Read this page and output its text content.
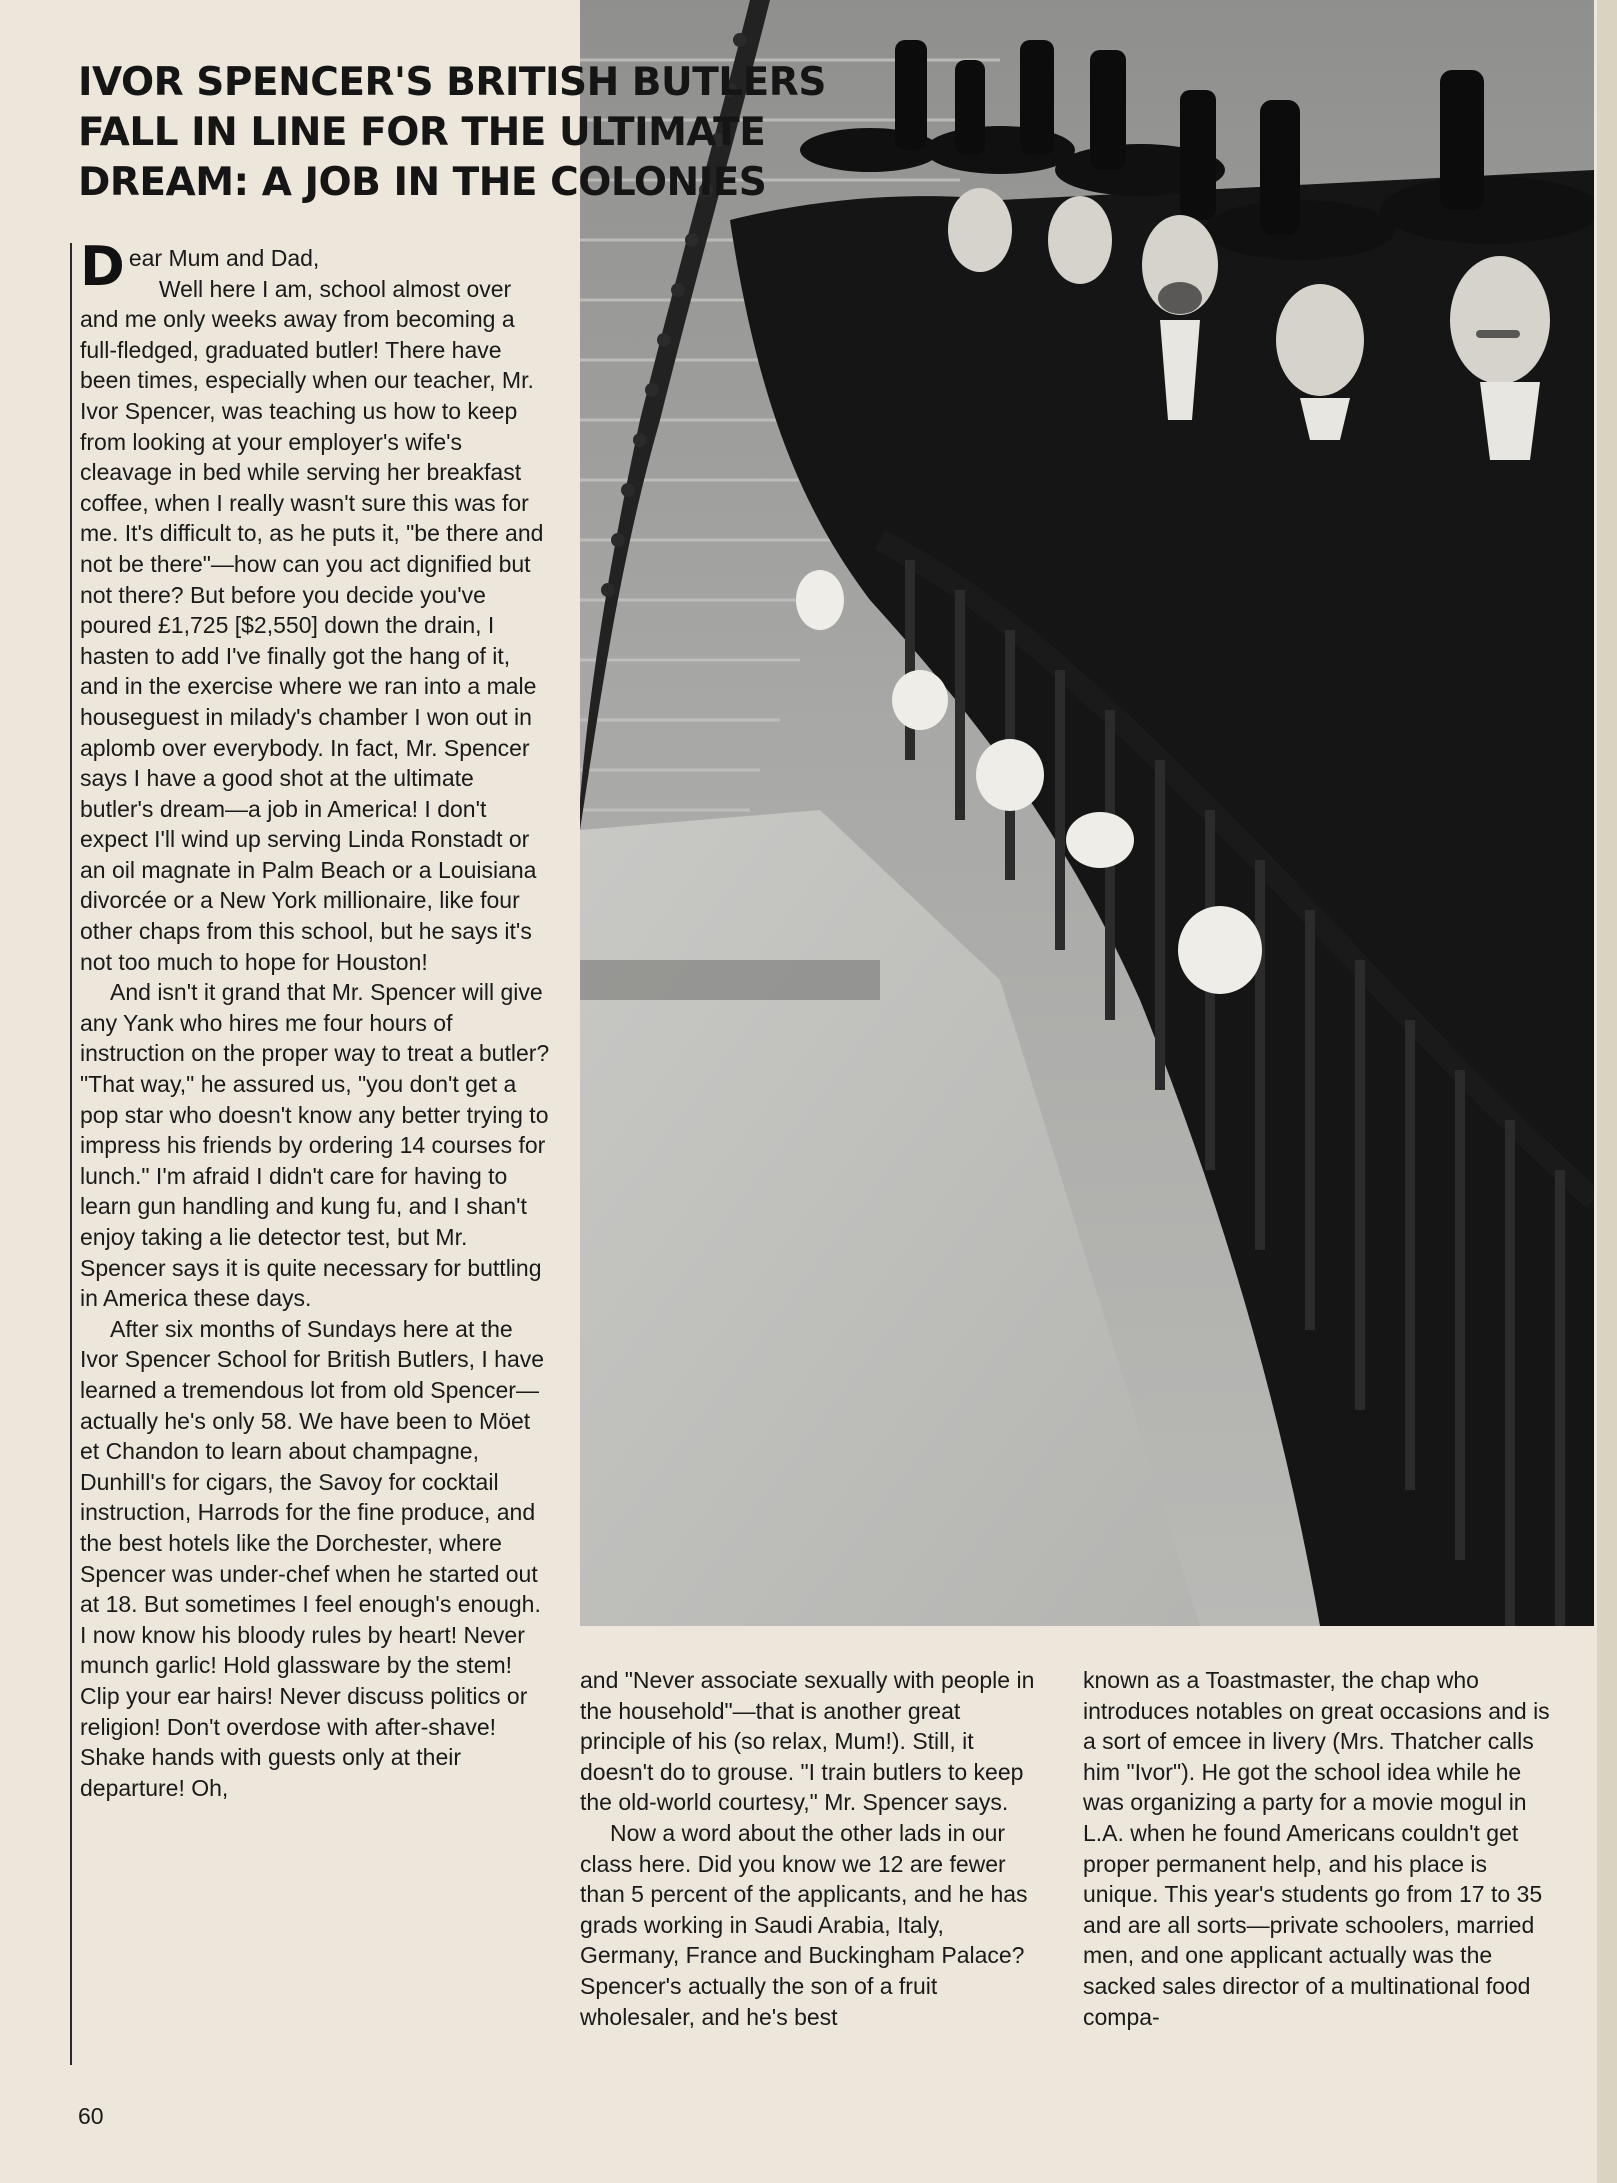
IVOR SPENCER'S BRITISH BUTLERS
FALL IN LINE FOR THE ULTIMATE
DREAM: A JOB IN THE COLONIES

Dear Mum and Dad,

Well here I am, school almost over and me only weeks away from becoming a full-fledged, graduated butler! There have been times, especially when our teacher, Mr. Ivor Spencer, was teaching us how to keep from looking at your employer's wife's cleavage in bed while serving her breakfast coffee, when I really wasn't sure this was for me. It's difficult to, as he puts it, "be there and not be there"—how can you act dignified but not there? But before you decide you've poured £1,725 [$2,550] down the drain, I hasten to add I've finally got the hang of it, and in the exercise where we ran into a male houseguest in milady's chamber I won out in aplomb over everybody. In fact, Mr. Spencer says I have a good shot at the ultimate butler's dream—a job in America! I don't expect I'll wind up serving Linda Ronstadt or an oil magnate in Palm Beach or a Louisiana divorcée or a New York millionaire, like four other chaps from this school, but he says it's not too much to hope for Houston!

And isn't it grand that Mr. Spencer will give any Yank who hires me four hours of instruction on the proper way to treat a butler? "That way," he assured us, "you don't get a pop star who doesn't know any better trying to impress his friends by ordering 14 courses for lunch." I'm afraid I didn't care for having to learn gun handling and kung fu, and I shan't enjoy taking a lie detector test, but Mr. Spencer says it is quite necessary for buttling in America these days.

After six months of Sundays here at the Ivor Spencer School for British Butlers, I have learned a tremendous lot from old Spencer—actually he's only 58. We have been to Möet et Chandon to learn about champagne, Dunhill's for cigars, the Savoy for cocktail instruction, Harrods for the fine produce, and the best hotels like the Dorchester, where Spencer was under-chef when he started out at 18. But sometimes I feel enough's enough. I now know his bloody rules by heart! Never munch garlic! Hold glassware by the stem! Clip your ear hairs! Never discuss politics or religion! Don't overdose with after-shave! Shake hands with guests only at their departure! Oh,

and "Never associate sexually with people in the household"—that is another great principle of his (so relax, Mum!). Still, it doesn't do to grouse. "I train butlers to keep the old-world courtesy," Mr. Spencer says.

Now a word about the other lads in our class here. Did you know we 12 are fewer than 5 percent of the applicants, and he has grads working in Saudi Arabia, Italy, Germany, France and Buckingham Palace? Spencer's actually the son of a fruit wholesaler, and he's best

known as a Toastmaster, the chap who introduces notables on great occasions and is a sort of emcee in livery (Mrs. Thatcher calls him "Ivor"). He got the school idea while he was organizing a party for a movie mogul in L.A. when he found Americans couldn't get proper permanent help, and his place is unique. This year's students go from 17 to 35 and are all sorts—private schoolers, married men, and one applicant actually was the sacked sales director of a multinational food compa-

60
